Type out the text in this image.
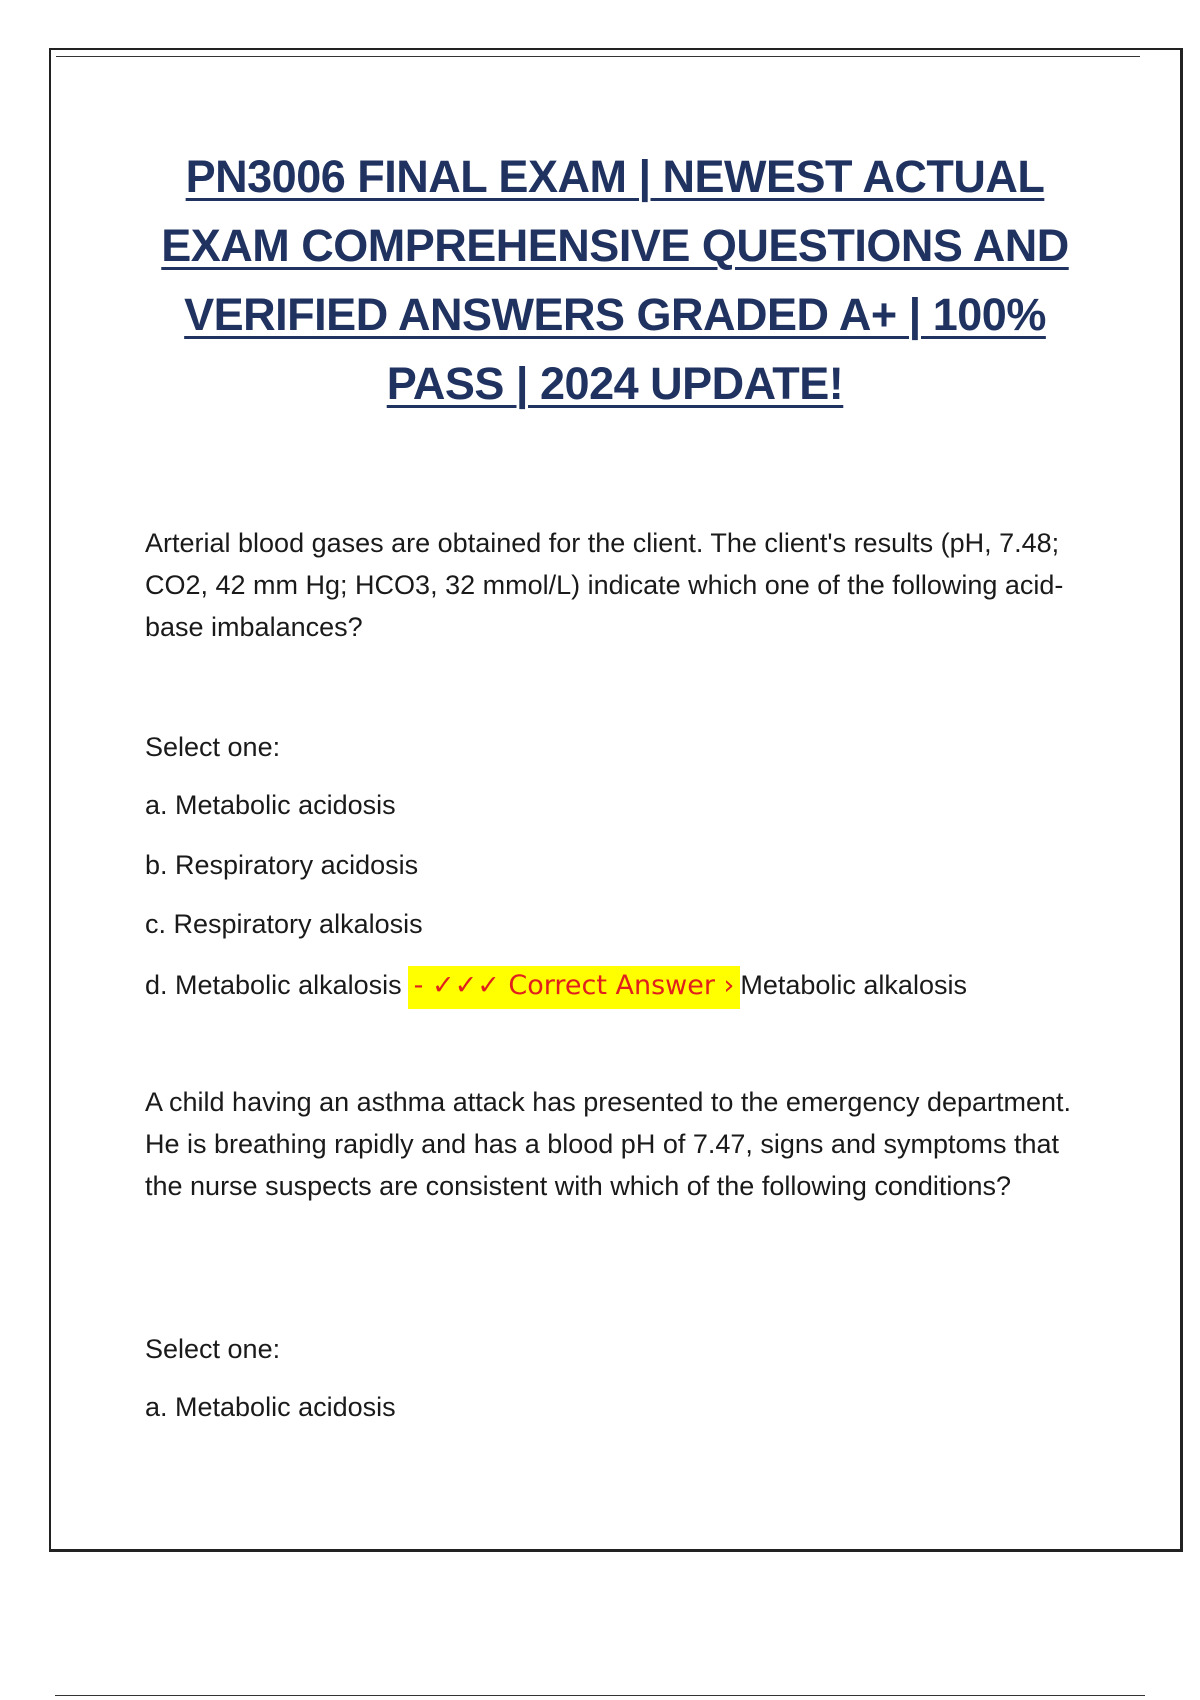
PN3006 FINAL EXAM | NEWEST ACTUAL EXAM COMPREHENSIVE QUESTIONS AND VERIFIED ANSWERS GRADED A+ | 100% PASS | 2024 UPDATE!

Arterial blood gases are obtained for the client. The client's results (pH, 7.48; CO2, 42 mm Hg; HCO3, 32 mmol/L) indicate which one of the following acid-base imbalances?

Select one:

a. Metabolic acidosis

b. Respiratory acidosis

c. Respiratory alkalosis

d. Metabolic alkalosis - ✓✓✓ Correct Answer › Metabolic alkalosis

A child having an asthma attack has presented to the emergency department. He is breathing rapidly and has a blood pH of 7.47, signs and symptoms that the nurse suspects are consistent with which of the following conditions?

Select one:

a. Metabolic acidosis
